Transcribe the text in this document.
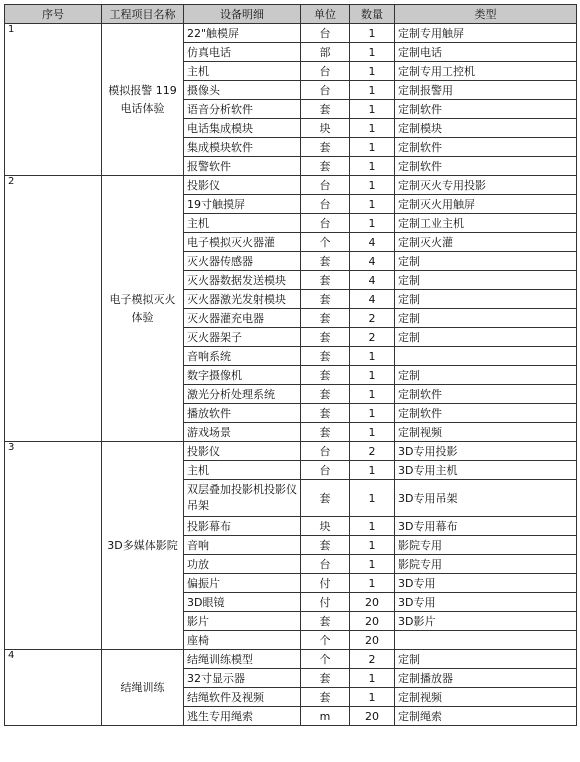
序号	工程项目名称	设备明细	单位	数量	类型
1	模拟报警 119 电话体验	22"触模屏	台	1	定制专用触屏
		仿真电话	部	1	定制电话
		主机	台	1	定制专用工控机
		摄像头	台	1	定制报警用
		语音分析软件	套	1	定制软件
		电话集成模块	块	1	定制模块
		集成模块软件	套	1	定制软件
		报警软件	套	1	定制软件
2	电子模拟灭火体验	投影仪	台	1	定制灭火专用投影
		19寸触摸屏	台	1	定制灭火用触屏
		主机	台	1	定制工业主机
		电子模拟灭火器灌	个	4	定制灭火灌
		灭火器传感器	套	4	定制
		灭火器数据发送模块	套	4	定制
		灭火器激光发射模块	套	4	定制
		灭火器灌充电器	套	2	定制
		灭火器架子	套	2	定制
		音响系统	套	1	
		数字摄像机	套	1	定制
		激光分析处理系统	套	1	定制软件
		播放软件	套	1	定制软件
		游戏场景	套	1	定制视频
3	3D多媒体影院	投影仪	台	2	3D专用投影
		主机	台	1	3D专用主机
		双层叠加投影机投影仪吊架	套	1	3D专用吊架
		投影幕布	块	1	3D专用幕布
		音响	套	1	影院专用
		功放	台	1	影院专用
		偏振片	付	1	3D专用
		3D眼镜	付	20	3D专用
		影片	套	20	3D影片
		座椅	个	20	
4	结绳训练	结绳训练模型	个	2	定制
		32寸显示器	套	1	定制播放器
		结绳软件及视频	套	1	定制视频
		逃生专用绳索	m	20	定制绳索
